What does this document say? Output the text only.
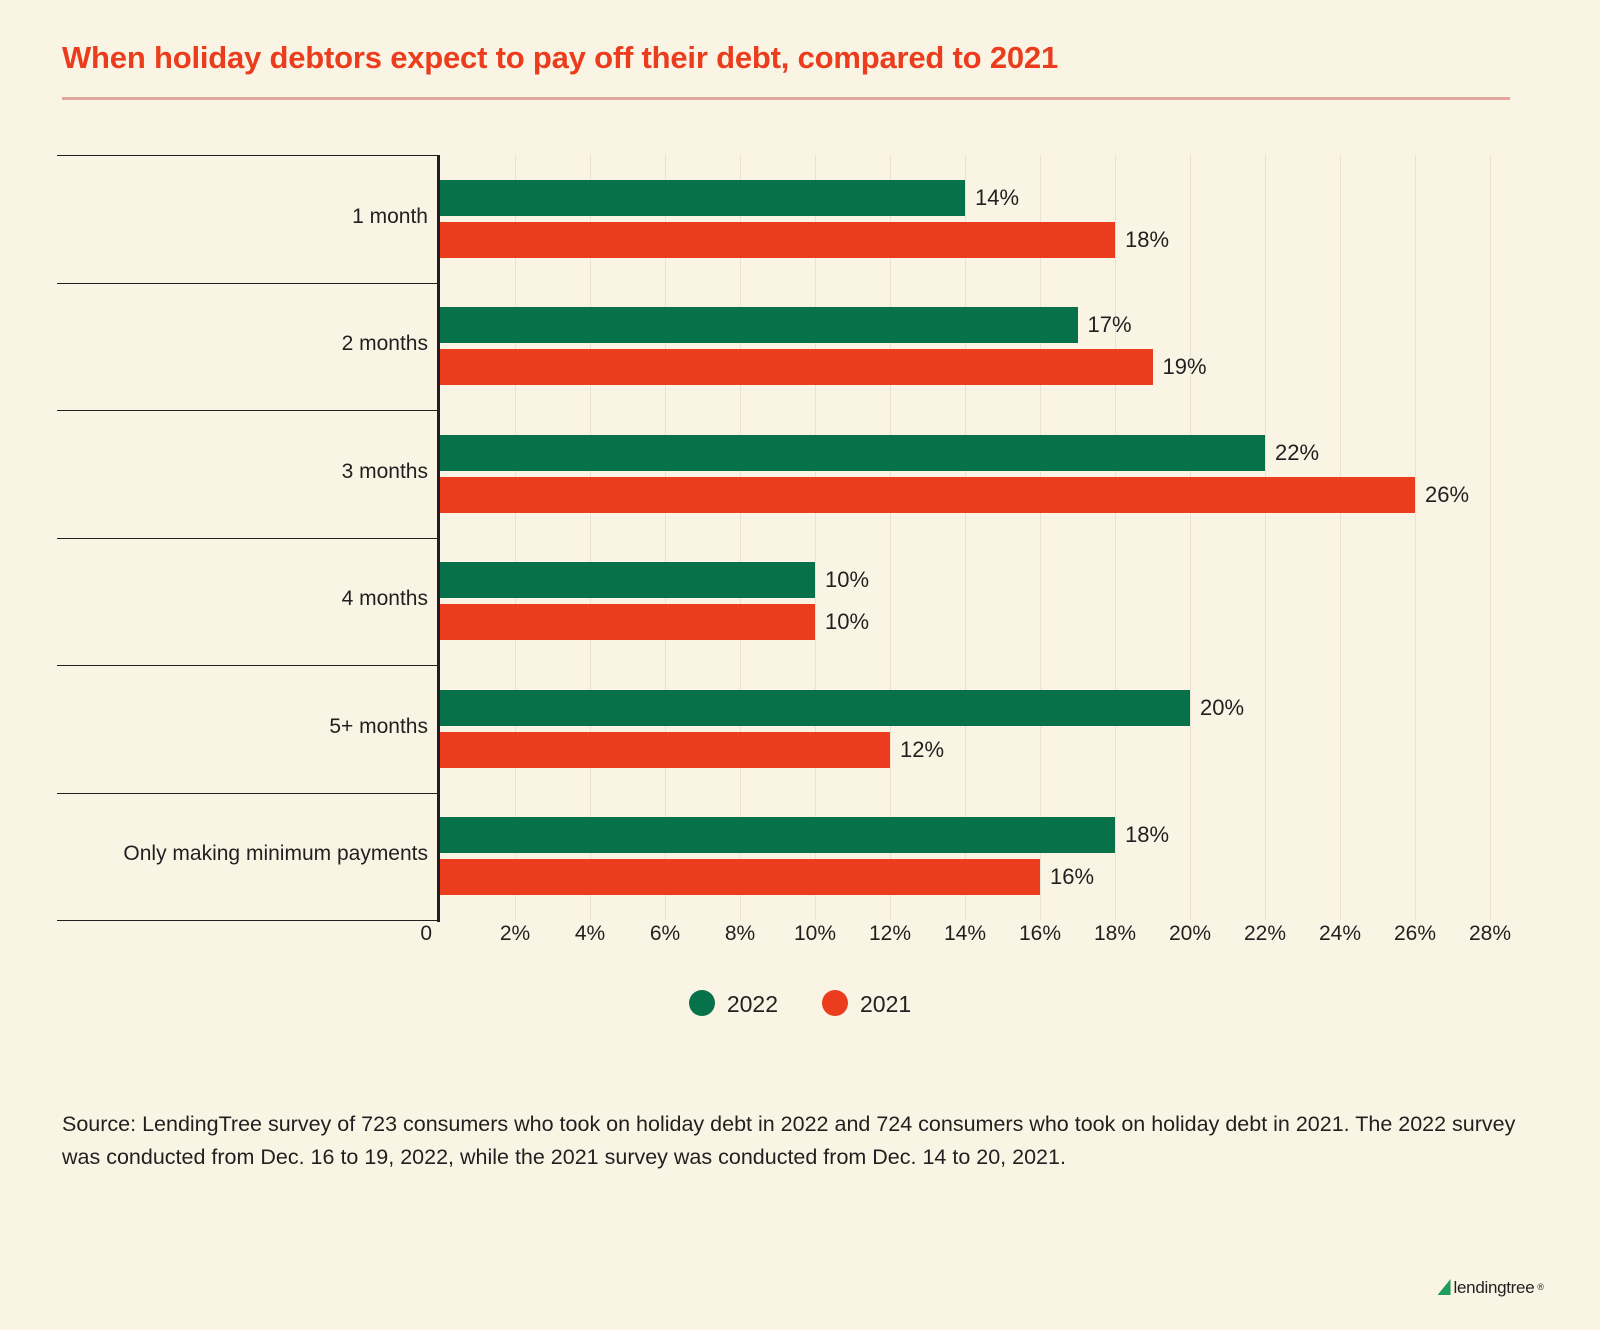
When holiday debtors expect to pay off their debt, compared to 2021
1 month
2 months
3 months
4 months
5+ months
Only making minimum payments
14%
17%
22%
10%
20%
18%
18%
19%
26%
10%
12%
16%
0	2% 4% 6% 8% 10% 12% 14% 16% 18% 20% 22% 24% 26% 28%
2022	2021
Source: LendingTree survey of 723 consumers who took on holiday debt in 2022 and 724 consumers who took on holiday debt in 2021. The 2022 survey was conducted from Dec. 16 to 19, 2022, while the 2021 survey was conducted from Dec. 14 to 20, 2021.
lendingtree ®
